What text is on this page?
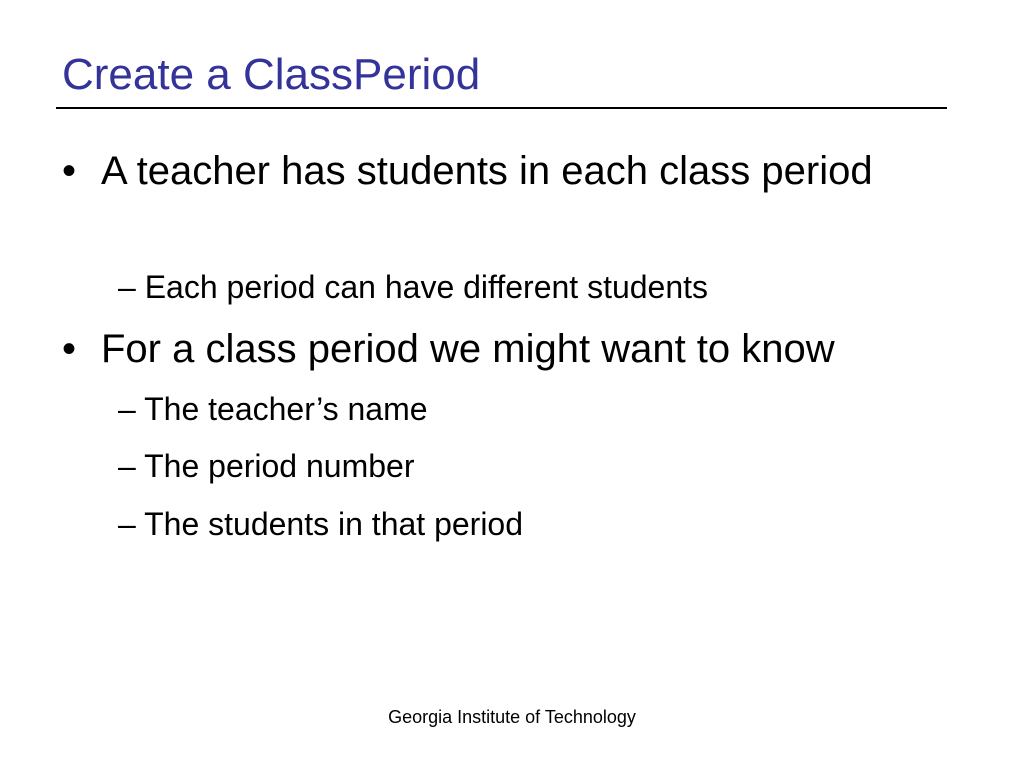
Create a ClassPeriod
• A teacher has students in each class period
– Each period can have different students
• For a class period we might want to know
– The teacher’s name
– The period number
– The students in that period
Georgia Institute of Technology
